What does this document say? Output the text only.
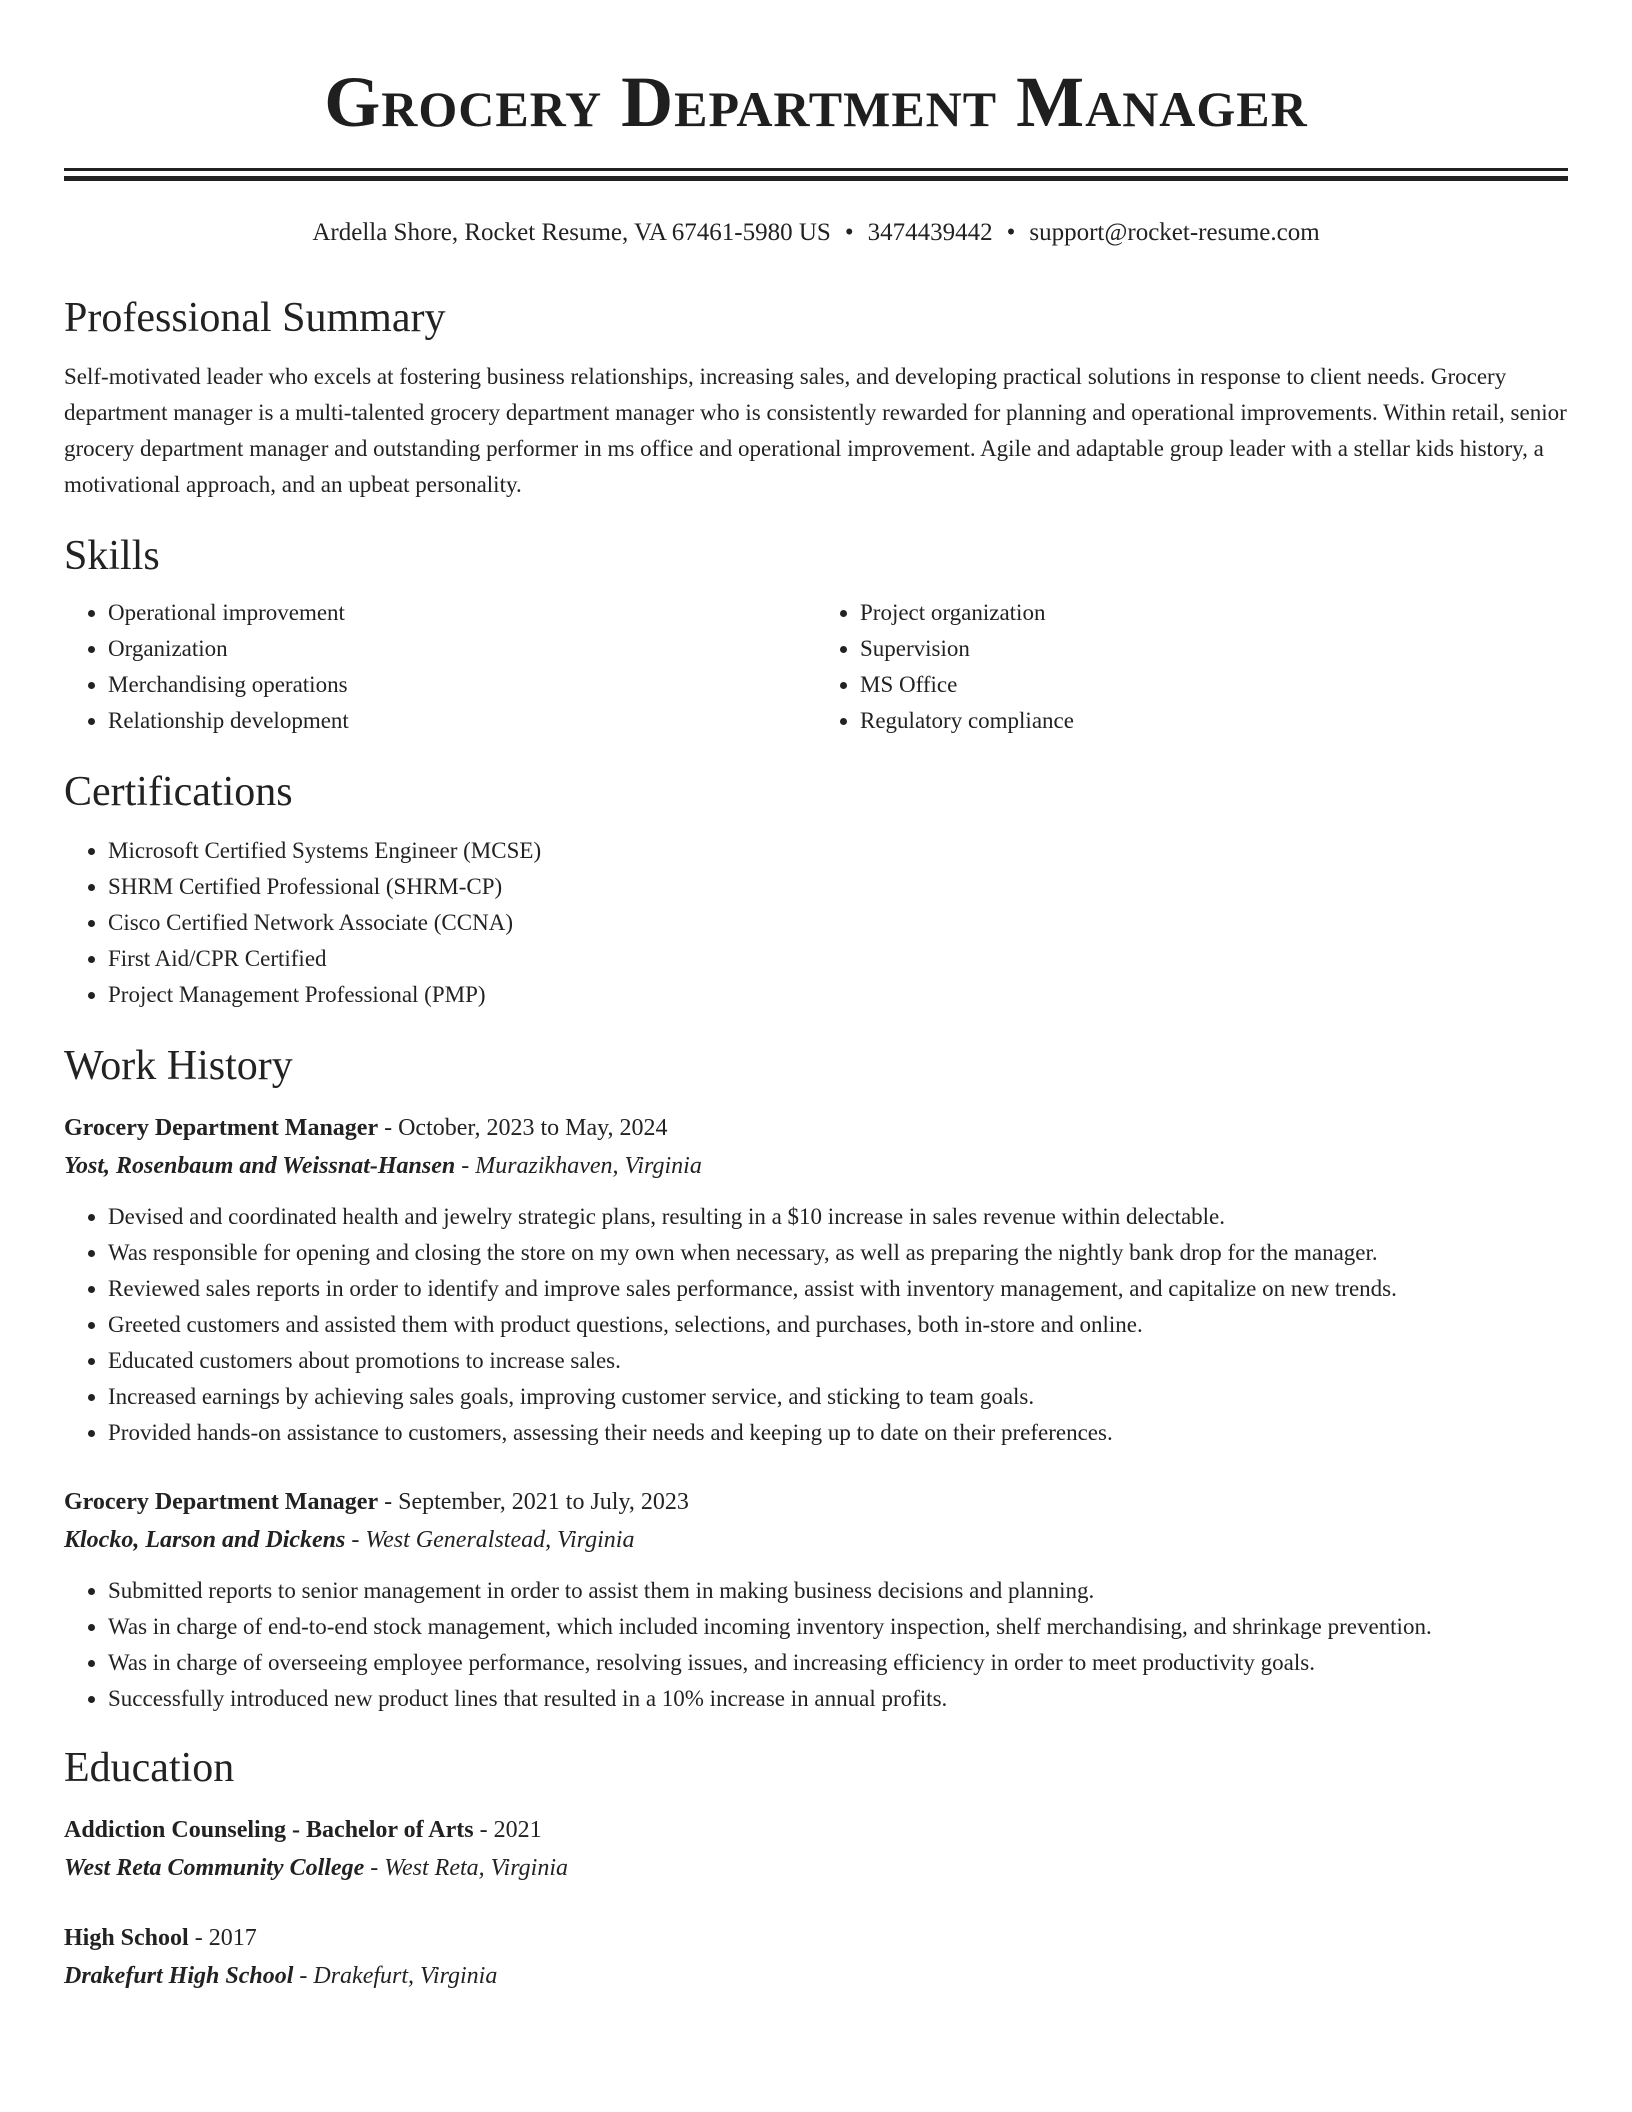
Grocery Department Manager
Ardella Shore, Rocket Resume, VA 67461-5980 US • 3474439442 • support@rocket-resume.com
Professional Summary
Self-motivated leader who excels at fostering business relationships, increasing sales, and developing practical solutions in response to client needs. Grocery department manager is a multi-talented grocery department manager who is consistently rewarded for planning and operational improvements. Within retail, senior grocery department manager and outstanding performer in ms office and operational improvement. Agile and adaptable group leader with a stellar kids history, a motivational approach, and an upbeat personality.
Skills
• Operational improvement
• Organization
• Merchandising operations
• Relationship development
• Project organization
• Supervision
• MS Office
• Regulatory compliance
Certifications
• Microsoft Certified Systems Engineer (MCSE)
• SHRM Certified Professional (SHRM-CP)
• Cisco Certified Network Associate (CCNA)
• First Aid/CPR Certified
• Project Management Professional (PMP)
Work History
Grocery Department Manager - October, 2023 to May, 2024
Yost, Rosenbaum and Weissnat-Hansen - Murazikhaven, Virginia
• Devised and coordinated health and jewelry strategic plans, resulting in a $10 increase in sales revenue within delectable.
• Was responsible for opening and closing the store on my own when necessary, as well as preparing the nightly bank drop for the manager.
• Reviewed sales reports in order to identify and improve sales performance, assist with inventory management, and capitalize on new trends.
• Greeted customers and assisted them with product questions, selections, and purchases, both in-store and online.
• Educated customers about promotions to increase sales.
• Increased earnings by achieving sales goals, improving customer service, and sticking to team goals.
• Provided hands-on assistance to customers, assessing their needs and keeping up to date on their preferences.
Grocery Department Manager - September, 2021 to July, 2023
Klocko, Larson and Dickens - West Generalstead, Virginia
• Submitted reports to senior management in order to assist them in making business decisions and planning.
• Was in charge of end-to-end stock management, which included incoming inventory inspection, shelf merchandising, and shrinkage prevention.
• Was in charge of overseeing employee performance, resolving issues, and increasing efficiency in order to meet productivity goals.
• Successfully introduced new product lines that resulted in a 10% increase in annual profits.
Education
Addiction Counseling - Bachelor of Arts - 2021
West Reta Community College - West Reta, Virginia
High School - 2017
Drakefurt High School - Drakefurt, Virginia
